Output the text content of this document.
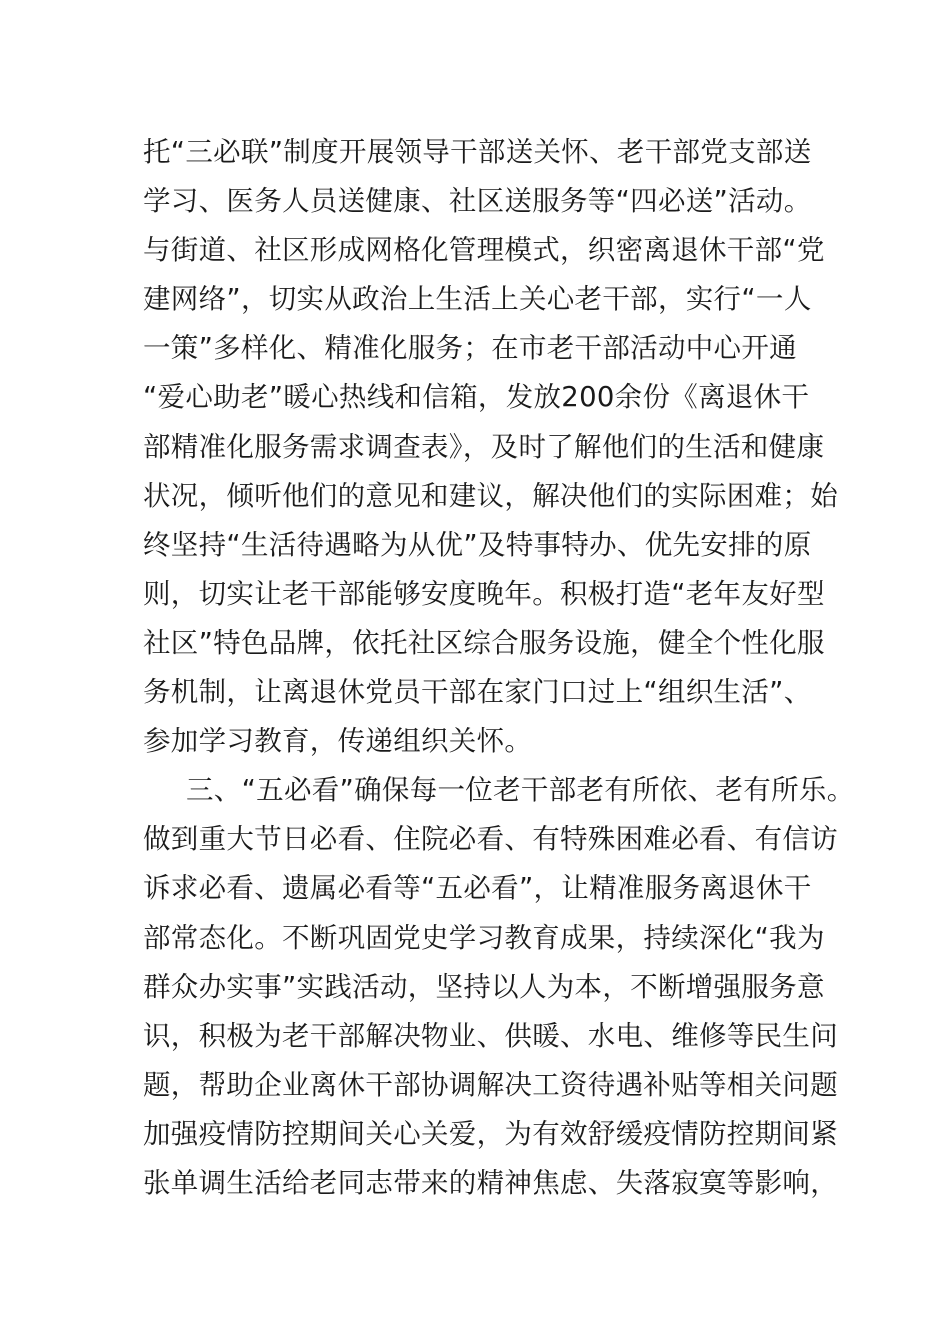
托“三必联”制度开展领导干部送关怀、老干部党支部送
学习、医务人员送健康、社区送服务等“四必送”活动。
与街道、社区形成网格化管理模式，织密离退休干部“党
建网络”，切实从政治上生活上关心老干部，实行“一人
一策”多样化、精准化服务；在市老干部活动中心开通
“爱心助老”暖心热线和信箱，发放200余份《离退休干
部精准化服务需求调查表》，及时了解他们的生活和健康
状况，倾听他们的意见和建议，解决他们的实际困难；始
终坚持“生活待遇略为从优”及特事特办、优先安排的原
则，切实让老干部能够安度晚年。积极打造“老年友好型
社区”特色品牌，依托社区综合服务设施，健全个性化服
务机制，让离退休党员干部在家门口过上“组织生活”、
参加学习教育，传递组织关怀。
三、“五必看”确保每一位老干部老有所依、老有所乐。
做到重大节日必看、住院必看、有特殊困难必看、有信访
诉求必看、遗属必看等“五必看”，让精准服务离退休干
部常态化。不断巩固党史学习教育成果，持续深化“我为
群众办实事”实践活动，坚持以人为本，不断增强服务意
识，积极为老干部解决物业、供暖、水电、维修等民生问
题，帮助企业离休干部协调解决工资待遇补贴等相关问题
加强疫情防控期间关心关爱，为有效舒缓疫情防控期间紧
张单调生活给老同志带来的精神焦虑、失落寂寞等影响，
